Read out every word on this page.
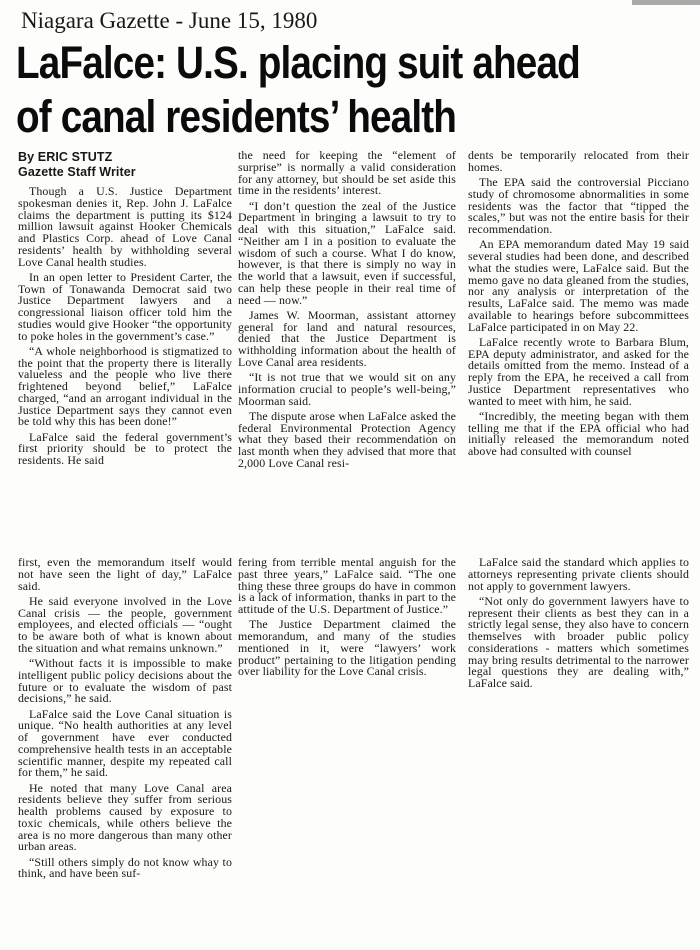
Niagara Gazette - June 15, 1980
LaFalce: U.S. placing suit ahead
of canal residents’ health
By ERIC STUTZ
Gazette Staff Writer

Though a U.S. Justice Department spokesman denies it, Rep. John J. LaFalce claims the department is putting its $124 million lawsuit against Hooker Chemicals and Plastics Corp. ahead of Love Canal residents’ health by withholding several Love Canal health studies.

In an open letter to President Carter, the Town of Tonawanda Democrat said two Justice Department lawyers and a congressional liaison officer told him the studies would give Hooker “the opportunity to poke holes in the government’s case.”

“A whole neighborhood is stigmatized to the point that the property there is literally valueless and the people who live there frightened beyond belief,” LaFalce charged, “and an arrogant individual in the Justice Department says they cannot even be told why this has been done!”

LaFalce said the federal government’s first priority should be to protect the residents. He said

the need for keeping the “element of surprise” is normally a valid consideration for any attorney, but should be set aside this time in the residents’ interest.

“I don’t question the zeal of the Justice Department in bringing a lawsuit to try to deal with this situation,” LaFalce said. “Neither am I in a position to evaluate the wisdom of such a course. What I do know, however, is that there is simply no way in the world that a lawsuit, even if successful, can help these people in their real time of need — now.”

James W. Moorman, assistant attorney general for land and natural resources, denied that the Justice Department is withholding information about the health of Love Canal area residents.

“It is not true that we would sit on any information crucial to people’s well-being,” Moorman said.

The dispute arose when LaFalce asked the federal Environmental Protection Agency what they based their recommendation on last month when they advised that more that 2,000 Love Canal resi-

dents be temporarily relocated from their homes.

The EPA said the controversial Picciano study of chromosome abnormalities in some residents was the factor that “tipped the scales,” but was not the entire basis for their recommendation.

An EPA memorandum dated May 19 said several studies had been done, and described what the studies were, LaFalce said. But the memo gave no data gleaned from the studies, nor any analysis or interpretation of the results, LaFalce said. The memo was made available to hearings before subcommittees LaFalce participated in on May 22.

LaFalce recently wrote to Barbara Blum, EPA deputy administrator, and asked for the details omitted from the memo. Instead of a reply from the EPA, he received a call from Justice Department representatives who wanted to meet with him, he said.

“Incredibly, the meeting began with them telling me that if the EPA official who had initially released the memorandum noted above had consulted with counsel

first, even the memorandum itself would not have seen the light of day,” LaFalce said.

He said everyone involved in the Love Canal crisis — the people, government employees, and elected officials — “ought to be aware both of what is known about the situation and what remains unknown.”

“Without facts it is impossible to make intelligent public policy decisions about the future or to evaluate the wisdom of past decisions,” he said.

LaFalce said the Love Canal situation is unique. “No health authorities at any level of government have ever conducted comprehensive health tests in an acceptable scientific manner, despite my repeated call for them,” he said.

He noted that many Love Canal area residents believe they suffer from serious health problems caused by exposure to toxic chemicals, while others believe the area is no more dangerous than many other urban areas.

“Still others simply do not know whay to think, and have been suf-

fering from terrible mental anguish for the past three years,” LaFalce said. “The one thing these three groups do have in common is a lack of information, thanks in part to the attitude of the U.S. Department of Justice.”

The Justice Department claimed the memorandum, and many of the studies mentioned in it, were “lawyers’ work product” pertaining to the litigation pending over liability for the Love Canal crisis.

LaFalce said the standard which applies to attorneys representing private clients should not apply to government lawyers.

“Not only do government lawyers have to represent their clients as best they can in a strictly legal sense, they also have to concern themselves with broader public policy considerations - matters which sometimes may bring results detrimental to the narrower legal questions they are dealing with,” LaFalce said.
